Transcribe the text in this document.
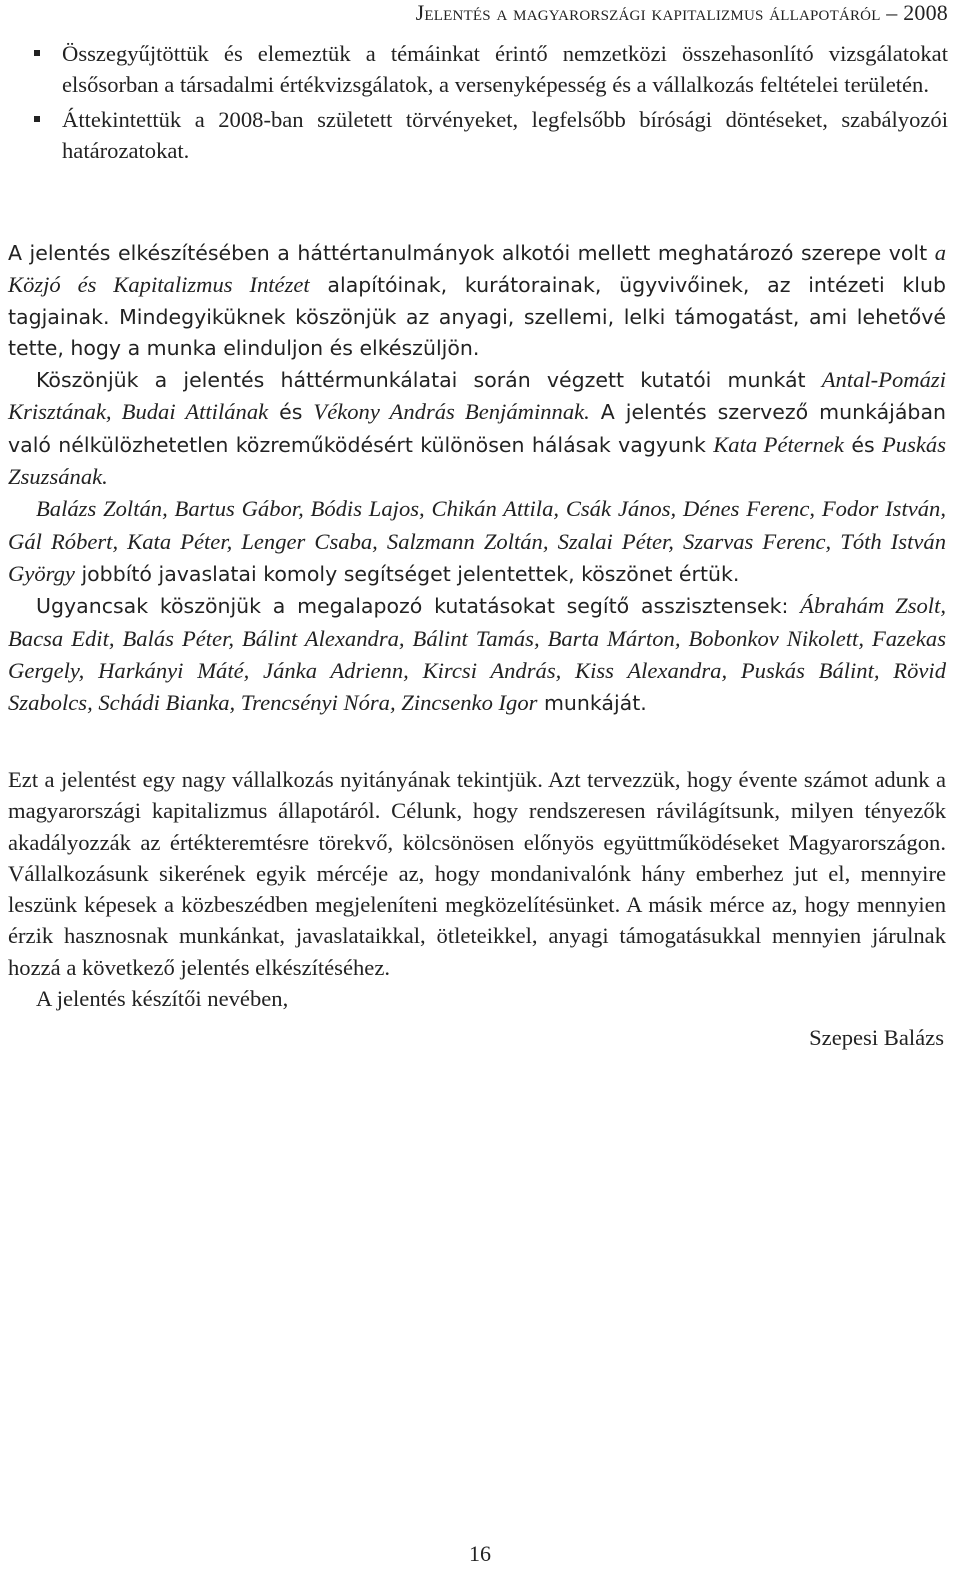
Jelentés a magyarországi kapitalizmus állapotáról – 2008
Összegyűjtöttük és elemeztük a témáinkat érintő nemzetközi összehasonlító vizsgálatokat elsősorban a társadalmi értékvizsgálatok, a versenyképesség és a vállalkozás feltételei területén.
Áttekintettük a 2008-ban született törvényeket, legfelsőbb bírósági döntéseket, szabályozói határozatokat.

A jelentés elkészítésében a háttértanulmányok alkotói mellett meghatározó szerepe volt a Közjó és Kapitalizmus Intézet alapítóinak, kurátorainak, ügyvivőinek, az intézeti klub tagjainak. Mindegyiküknek köszönjük az anyagi, szellemi, lelki támogatást, ami lehetővé tette, hogy a munka elinduljon és elkészüljön.

Köszönjük a jelentés háttérmunkálatai során végzett kutatói munkát Antal-Pomázi Krisztának, Budai Attilának és Vékony András Benjáminnak. A jelentés szervező munkájában való nélkülözhetetlen közreműködésért különösen hálásak vagyunk Kata Péternek és Puskás Zsuzsának.

Balázs Zoltán, Bartus Gábor, Bódis Lajos, Chikán Attila, Csák János, Dénes Ferenc, Fodor István, Gál Róbert, Kata Péter, Lenger Csaba, Salzmann Zoltán, Szalai Péter, Szarvas Ferenc, Tóth István György jobbító javaslatai komoly segítséget jelentettek, köszönet értük.

Ugyancsak köszönjük a megalapozó kutatásokat segítő asszisztensek: Ábrahám Zsolt, Bacsa Edit, Balás Péter, Bálint Alexandra, Bálint Tamás, Barta Márton, Bobonkov Nikolett, Fazekas Gergely, Harkányi Máté, Jánka Adrienn, Kircsi András, Kiss Alexandra, Puskás Bálint, Rövid Szabolcs, Schádi Bianka, Trencsényi Nóra, Zincsenko Igor munkáját.

Ezt a jelentést egy nagy vállalkozás nyitányának tekintjük. Azt tervezzük, hogy évente számot adunk a magyarországi kapitalizmus állapotáról. Célunk, hogy rendszeresen rávilágítsunk, milyen tényezők akadályozzák az értékteremtésre törekvő, kölcsönösen előnyös együttműködéseket Magyarországon. Vállalkozásunk sikerének egyik mércéje az, hogy mondanivalónk hány emberhez jut el, mennyire leszünk képesek a közbeszédben megjeleníteni megközelítésünket. A másik mérce az, hogy mennyien érzik hasznosnak munkánkat, javaslataikkal, ötleteikkel, anyagi támogatásukkal mennyien járulnak hozzá a következő jelentés elkészítéséhez.

A jelentés készítői nevében,

Szepesi Balázs
16
